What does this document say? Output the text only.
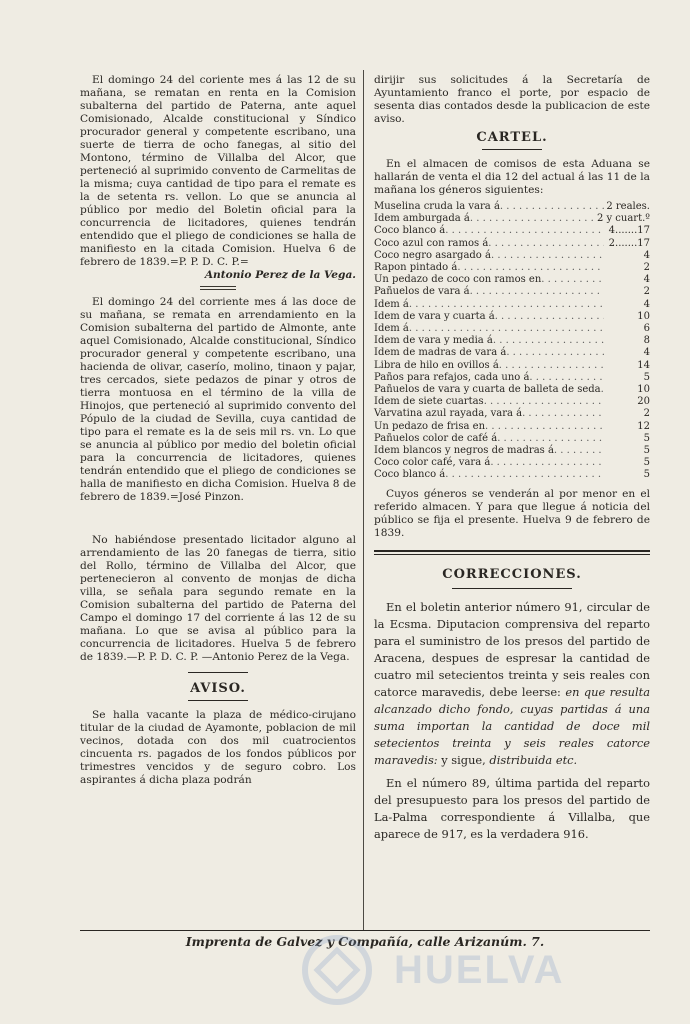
El domingo 24 del coriente mes á las 12 de su mañana, se rematan en renta en la Comision subalterna del partido de Paterna, ante aquel Comisionado, Alcalde constitucional y Síndico procurador general y competente escribano, una suerte de tierra de ocho fanegas, al sitio del Montono, término de Villalba del Alcor, que perteneció al suprimido convento de Carmelitas de la misma; cuya cantidad de tipo para el remate es la de setenta rs. vellon. Lo que se anuncia al público por medio del Boletin oficial para la concurrencia de licitadores, quienes tendrán entendido que el pliego de condiciones se halla de manifiesto en la citada Comision. Huelva 6 de febrero de 1839.=P. P. D. C. P.=

Antonio Perez de la Vega.

El domingo 24 del corriente mes á las doce de su mañana, se remata en arrendamiento en la Comision subalterna del partido de Almonte, ante aquel Comisionado, Alcalde constitucional, Síndico procurador general y competente escribano, una hacienda de olivar, caserío, molino, tinaon y pajar, tres cercados, siete pedazos de pinar y otros de tierra montuosa en el término de la villa de Hinojos, que perteneció al suprimido convento del Pópulo de la ciudad de Sevilla, cuya cantidad de tipo para el remate es la de seis mil rs. vn. Lo que se anuncia al público por medio del boletin oficial para la concurrencia de licitadores, quienes tendrán entendido que el pliego de condiciones se halla de manifiesto en dicha Comision. Huelva 8 de febrero de 1839.=José Pinzon.

No habiéndose presentado licitador alguno al arrendamiento de las 20 fanegas de tierra, sitio del Rollo, término de Villalba del Alcor, que pertenecieron al convento de monjas de dicha villa, se señala para segundo remate en la Comision subalterna del partido de Paterna del Campo el domingo 17 del corriente á las 12 de su mañana. Lo que se avisa al público para la concurrencia de licitadores. Huelva 5 de febrero de 1839.—P. P. D. C. P. —Antonio Perez de la Vega.

AVISO.

Se halla vacante la plaza de médico-cirujano titular de la ciudad de Ayamonte, poblacion de mil vecinos, dotada con dos mil cuatrocientos cincuenta rs. pagados de los fondos públicos por trimestres vencidos y de seguro cobro. Los aspirantes á dicha plaza podrán

dirijir sus solicitudes á la Secretaría de Ayuntamiento franco el porte, por espacio de sesenta dias contados desde la publicacion de este aviso.

CARTEL.

En el almacen de comisos de esta Aduana se hallarán de venta el dia 12 del actual á las 11 de la mañana los géneros siguientes:

Muselina cruda la vara á . . .	2 reales.
Idem amburgada á . . .	2 y cuart.º
Coco blanco á . . .	4.......17
Coco azul con ramos á . . .	2.......17
Coco negro asargado á . . .	4
Rapon pintado á . . .	2
Un pedazo de coco con ramos en . . .	4
Pañuelos de vara á . . .	2
Idem á . . .	4
Idem de vara y cuarta á . . .	10
Idem á . . .	6
Idem de vara y media á . . .	8
Idem de madras de vara á . . .	4
Libra de hilo en ovillos á . . .	14
Paños para refajos, cada uno á . . .	5
Pañuelos de vara y cuarta de balleta de seda . . .	10
Idem de siete cuartas . . .	20
Varvatina azul rayada, vara á . . .	2
Un pedazo de frisa en . . .	12
Pañuelos color de café á . . .	5
Idem blancos y negros de madras á . . .	5
Coco color café, vara á . . .	5
Coco blanco á . . .	5

Cuyos géneros se venderán al por menor en el referido almacen. Y para que llegue á noticia del público se fija el presente. Huelva 9 de febrero de 1839.

CORRECCIONES.

En el boletin anterior número 91, circular de la Ecsma. Diputacion comprensiva del reparto para el suministro de los presos del partido de Aracena, despues de espresar la cantidad de cuatro mil setecientos treinta y seis reales con catorce maravedis, debe leerse: en que resulta alcanzado dicho fondo, cuyas partidas á una suma importan la cantidad de doce mil setecientos treinta y seis reales catorce maravedis: y sigue, distribuida etc.

En el número 89, última partida del reparto del presupuesto para los presos del partido de La-Palma correspondiente á Villalba, que aparece de 917, es la verdadera 916.

Imprenta de Galvez y Compañía, calle Arizanúm. 7.
HUELVA
